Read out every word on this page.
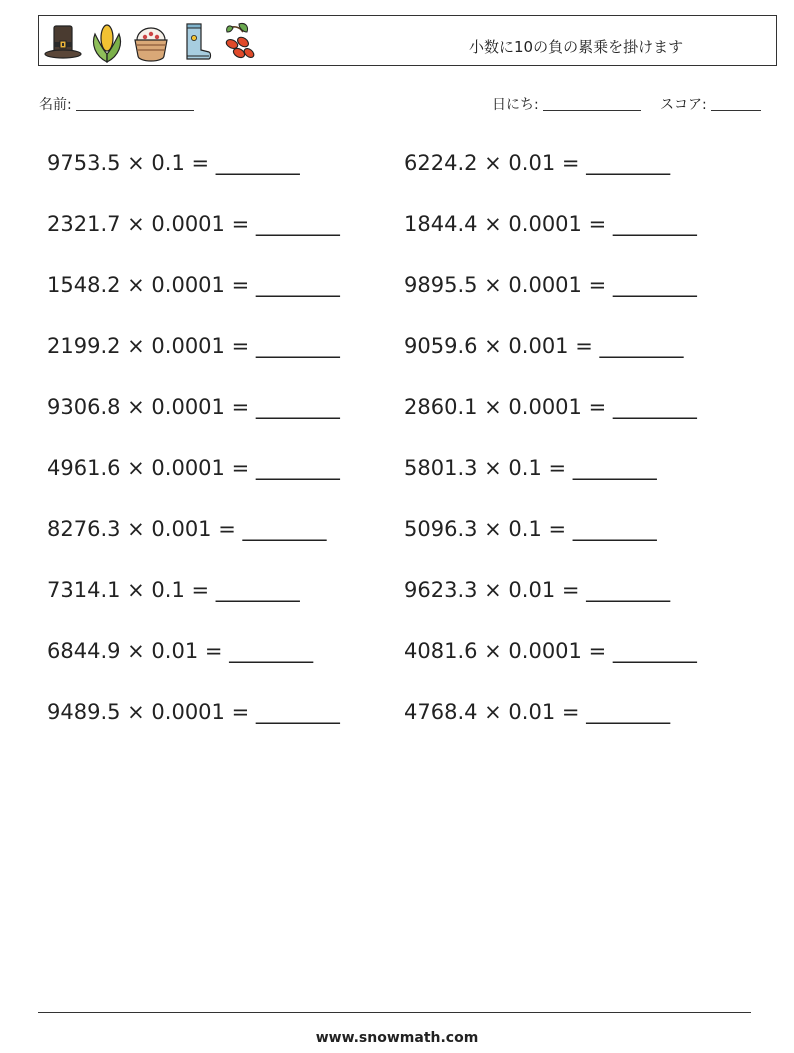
小数に10の負の累乗を掛けます
名前:	日にち:	スコア:
9753.5 × 0.1 = ________	6224.2 × 0.01 = ________
2321.7 × 0.0001 = ________	1844.4 × 0.0001 = ________
1548.2 × 0.0001 = ________	9895.5 × 0.0001 = ________
2199.2 × 0.0001 = ________	9059.6 × 0.001 = ________
9306.8 × 0.0001 = ________	2860.1 × 0.0001 = ________
4961.6 × 0.0001 = ________	5801.3 × 0.1 = ________
8276.3 × 0.001 = ________	5096.3 × 0.1 = ________
7314.1 × 0.1 = ________	9623.3 × 0.01 = ________
6844.9 × 0.01 = ________	4081.6 × 0.0001 = ________
9489.5 × 0.0001 = ________	4768.4 × 0.01 = ________
www.snowmath.com
